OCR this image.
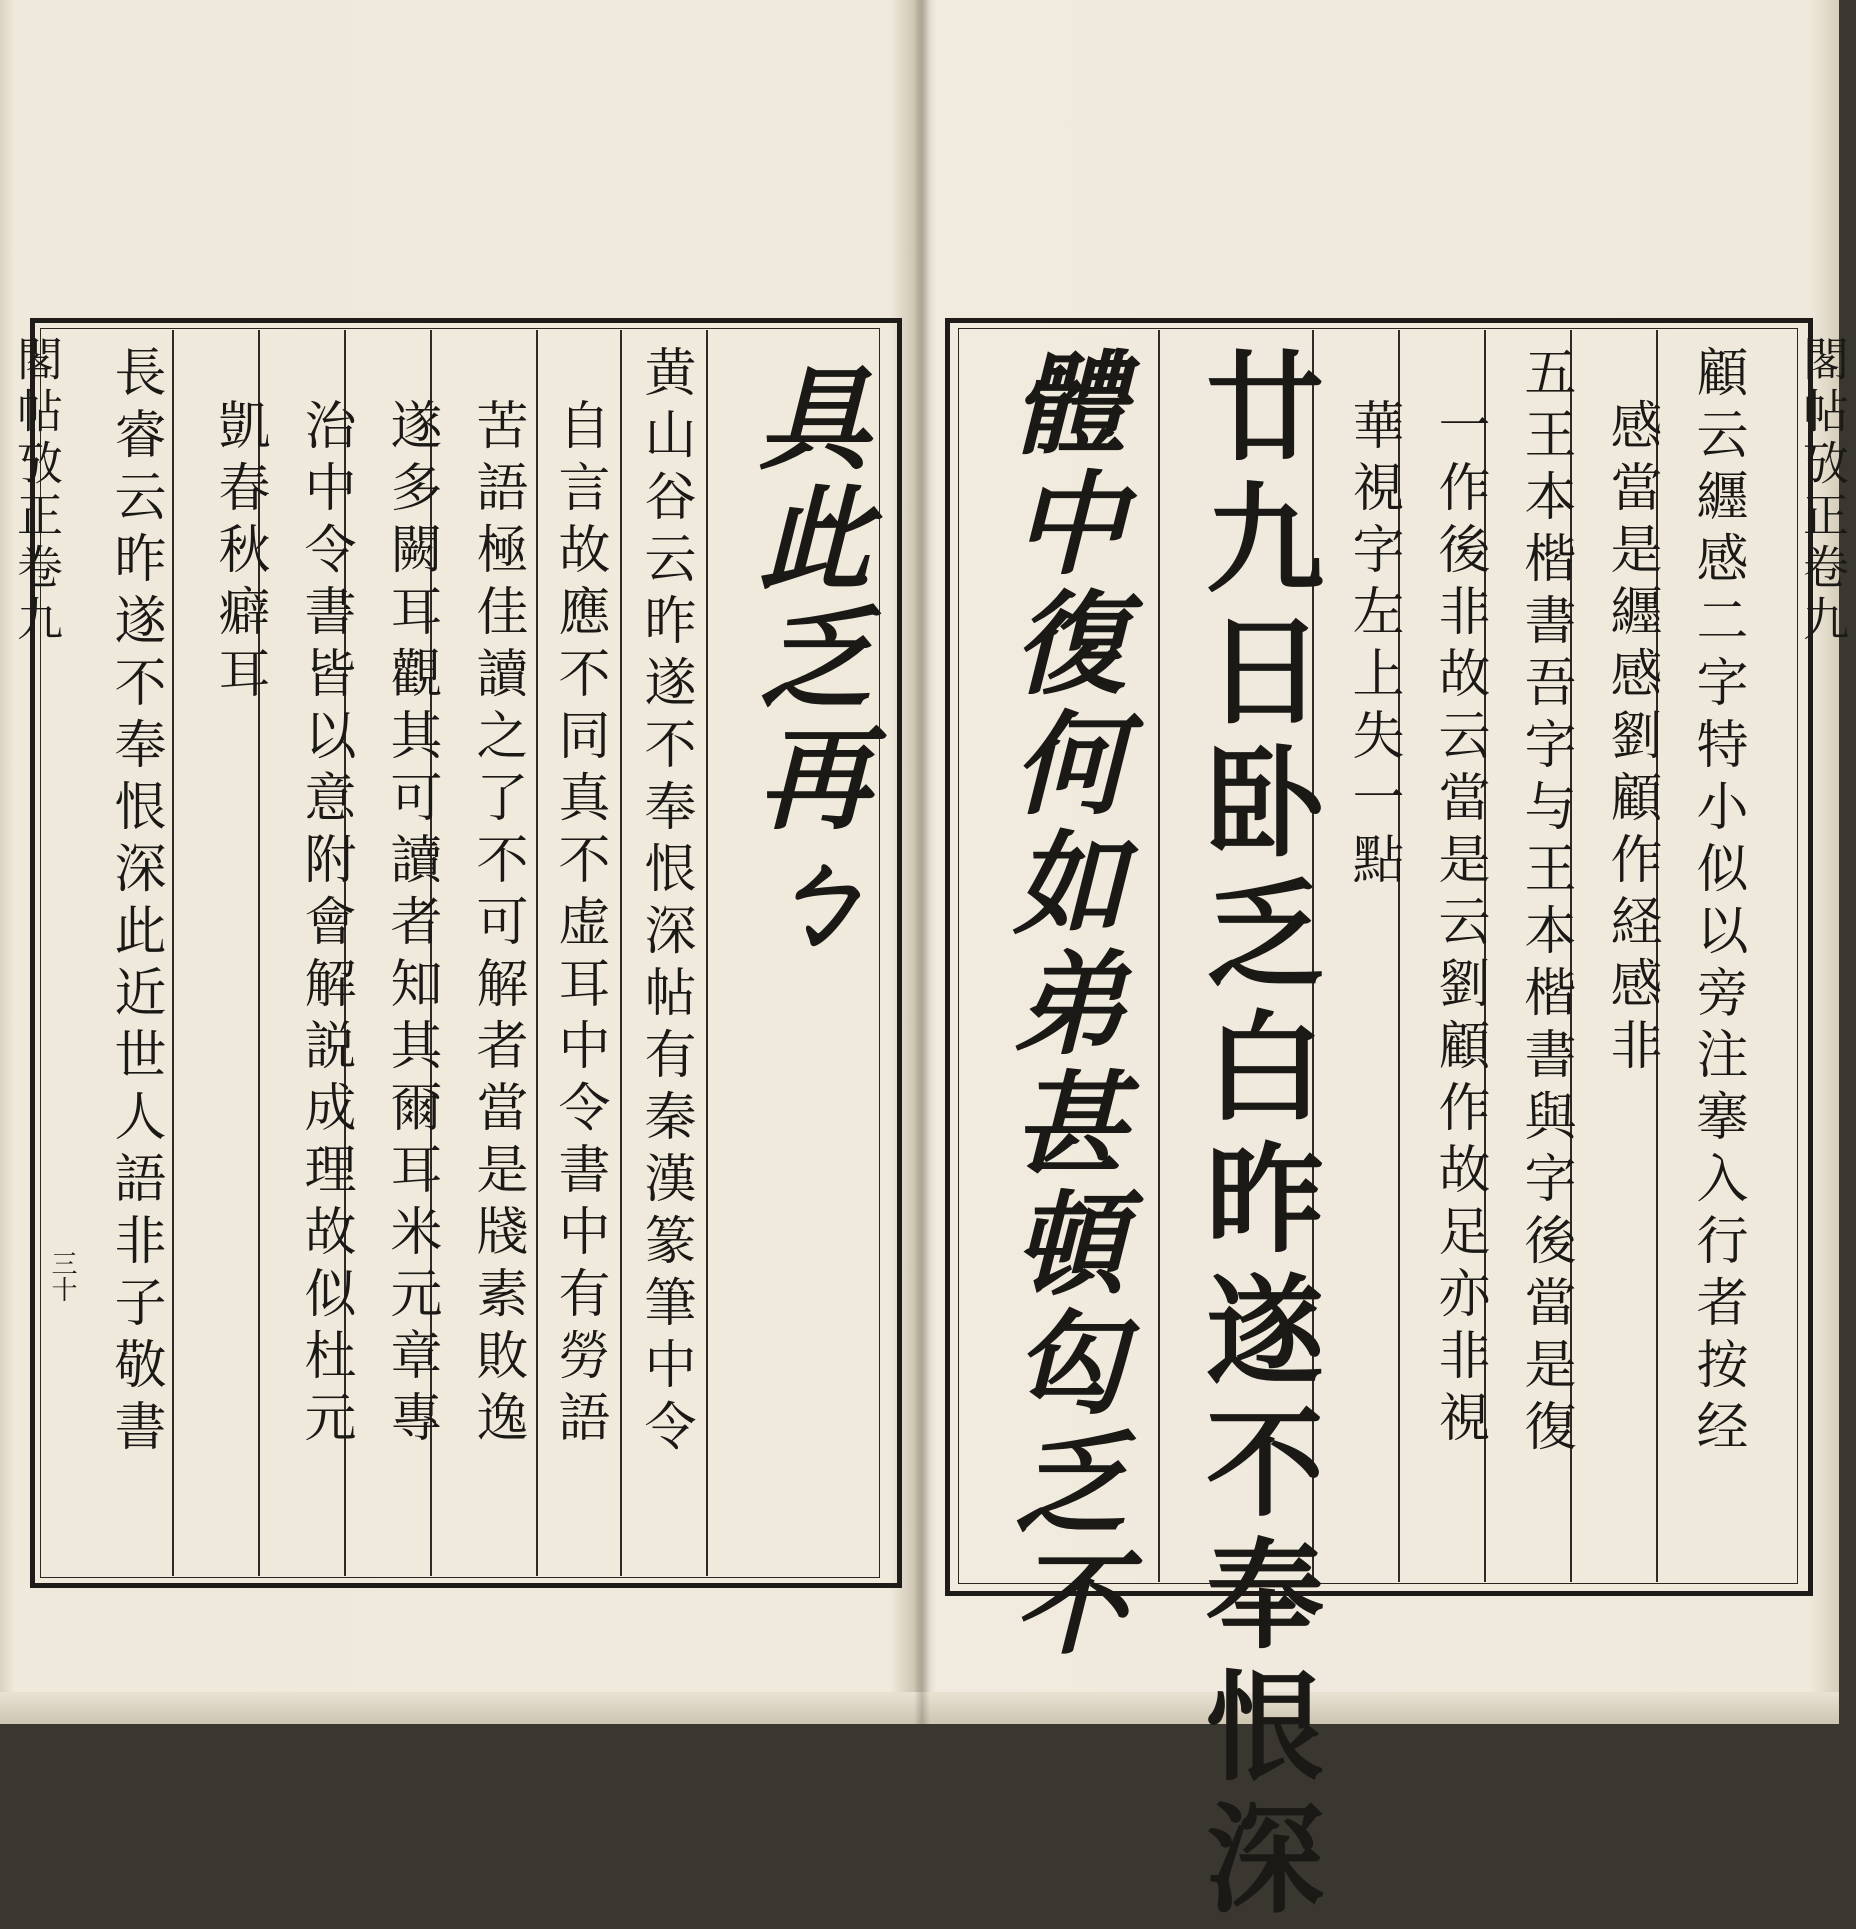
閣帖攷正卷九
三十
具此乏再ㄅ
黄山谷云昨遂不奉恨深帖有秦漢篆筆中令
自言故應不同真不虚耳中令書中有勞語
苦語極佳讀之了不可解者當是牋素敗逸
遂多闕耳觀其可讀者知其爾耳米元章專
治中令書皆以意附會解説成理故似杜元
凱春秋癖耳
長睿云昨遂不奉恨深此近世人語非子敬書	閣帖攷正卷九
顧云纒感二字特小似以旁注搴入行者按经
感當是纒感劉顧作経感非
五王本楷書吾字与王本楷書與字後當是復
一作後非故云當是云劉顧作故足亦非視
華視字左上失一點
廿九日卧乏白昨遂不奉恨深
體中復何如弟甚頓匃乏不
